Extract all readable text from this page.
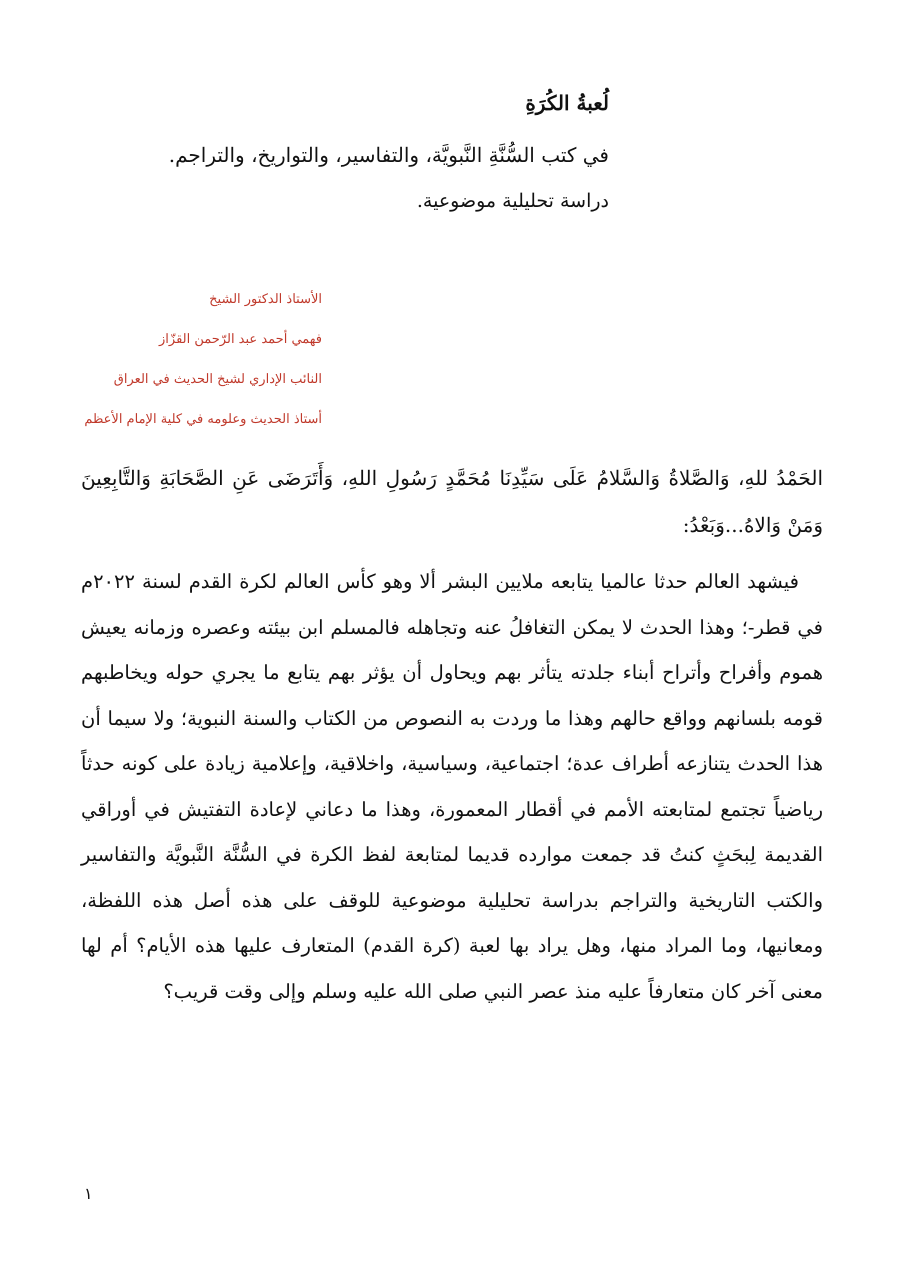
لُعبةُ الكُرَةِ
في كتب السُّنَّةِ النَّبويَّة، والتفاسير، والتواريخ، والتراجم.
دراسة تحليلية موضوعية.
الأستاذ الدكتور الشيخ
فهمي أحمد عبد الرّحمن القزّاز
النائب الإداري لشيخ الحديث في العراق
أستاذ الحديث وعلومه في كلية الإمام الأعظم

الحَمْدُ للهِ، وَالصَّلاةُ وَالسَّلامُ عَلَى سَيِّدِنَا مُحَمَّدٍ رَسُولِ اللهِ، وَأَتَرَضَى عَنِ الصَّحَابَةِ وَالتَّابِعِينَ وَمَنْ وَالاهُ...وَبَعْدُ:

فيشهد العالم حدثا عالميا يتابعه ملايين البشر ألا وهو كأس العالم لكرة القدم لسنة ٢٠٢٢م في قطر-؛ وهذا الحدث لا يمكن التغافلُ عنه وتجاهله فالمسلم ابن بيئته وعصره وزمانه يعيش هموم وأفراح وأتراح أبناء جلدته يتأثر بهم ويحاول أن يؤثر بهم يتابع ما يجري حوله ويخاطبهم قومه بلسانهم وواقع حالهم وهذا ما وردت به النصوص من الكتاب والسنة النبوية؛ ولا سيما أن هذا الحدث يتنازعه أطراف عدة؛ اجتماعية، وسياسية، واخلاقية، وإعلامية زيادة على كونه حدثاً رياضياً تجتمع لمتابعته الأمم في أقطار المعمورة، وهذا ما دعاني لإعادة التفتيش في أوراقي القديمة لِبحَثٍ كنتُ قد جمعت موارده قديما لمتابعة لفظ الكرة في السُّنَّة النَّبويَّة والتفاسير والكتب التاريخية والتراجم بدراسة تحليلية موضوعية للوقف على هذه أصل هذه اللفظة، ومعانيها، وما المراد منها، وهل يراد بها لعبة (كرة القدم) المتعارف عليها هذه الأيام؟ أم لها معنى آخر كان متعارفاً عليه منذ عصر النبي صلى الله عليه وسلم وإلى وقت قريب؟

١
